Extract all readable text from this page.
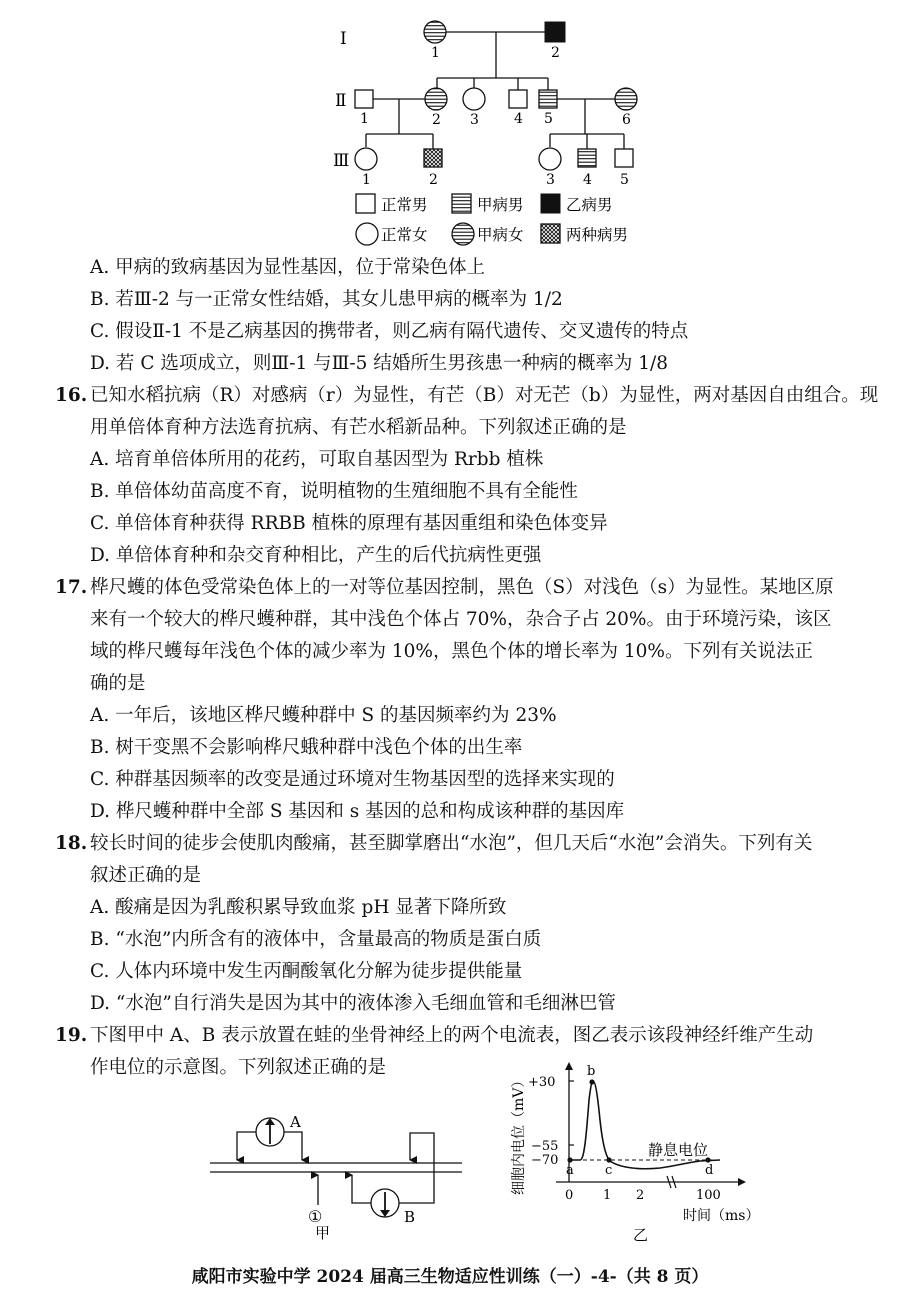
Ⅰ
Ⅱ
Ⅲ
1	2
1	2 3	4 5	6
1	2	3 4 5
正常男	甲病男	乙病男
正常女	甲病女	两种病男
A. 甲病的致病基因为显性基因，位于常染色体上
B. 若Ⅲ-2 与一正常女性结婚，其女儿患甲病的概率为 1/2
C. 假设Ⅱ-1 不是乙病基因的携带者，则乙病有隔代遗传、交叉遗传的特点
D. 若 C 选项成立，则Ⅲ-1 与Ⅲ-5 结婚所生男孩患一种病的概率为 1/8
16. 已知水稻抗病（R）对感病（r）为显性，有芒（B）对无芒（b）为显性，两对基因自由组合。现
用单倍体育种方法选育抗病、有芒水稻新品种。下列叙述正确的是
A. 培育单倍体所用的花药，可取自基因型为 Rrbb 植株
B. 单倍体幼苗高度不育，说明植物的生殖细胞不具有全能性
C. 单倍体育种获得 RRBB 植株的原理有基因重组和染色体变异
D. 单倍体育种和杂交育种相比，产生的后代抗病性更强
17. 桦尺蠖的体色受常染色体上的一对等位基因控制，黑色（S）对浅色（s）为显性。某地区原
来有一个较大的桦尺蠖种群，其中浅色个体占 70%，杂合子占 20%。由于环境污染，该区
域的桦尺蠖每年浅色个体的减少率为 10%，黑色个体的增长率为 10%。下列有关说法正
确的是
A. 一年后，该地区桦尺蠖种群中 S 的基因频率约为 23%
B. 树干变黑不会影响桦尺蛾种群中浅色个体的出生率
C. 种群基因频率的改变是通过环境对生物基因型的选择来实现的
D. 桦尺蠖种群中全部 S 基因和 s 基因的总和构成该种群的基因库
18. 较长时间的徒步会使肌肉酸痛，甚至脚掌磨出“水泡”，但几天后“水泡”会消失。下列有关
叙述正确的是
A. 酸痛是因为乳酸积累导致血浆 pH 显著下降所致
B. “水泡”内所含有的液体中，含量最高的物质是蛋白质
C. 人体内环境中发生丙酮酸氧化分解为徒步提供能量
D. “水泡”自行消失是因为其中的液体渗入毛细血管和毛细淋巴管
19. 下图甲中 A、B 表示放置在蛙的坐骨神经上的两个电流表，图乙表示该段神经纤维产生动
作电位的示意图。下列叙述正确的是
A
B
①
甲
+30
−55
−70
a
b
c	d
静息电位
0 1 2	100
时间（ms）
乙
细胞内电位（mV）
咸阳市实验中学 2024 届高三生物适应性训练（一）-4-（共 8 页）
